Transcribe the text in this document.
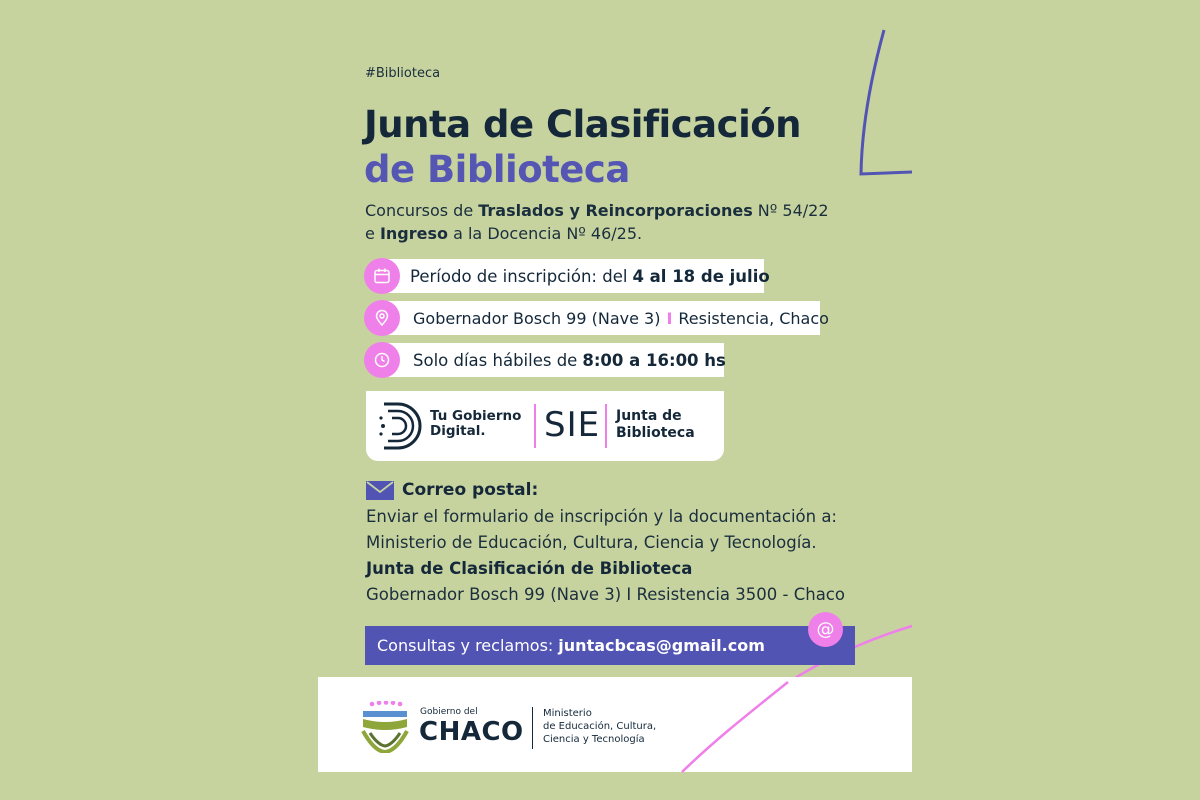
#Biblioteca
Junta de Clasificación
de Biblioteca
Concursos de Traslados y Reincorporaciones Nº 54/22
e Ingreso a la Docencia Nº 46/25.
Período de inscripción: del 4 al 18 de julio
Gobernador Bosch 99 (Nave 3) I Resistencia, Chaco
Solo días hábiles de 8:00 a 16:00 hs
Tu Gobierno
Digital.	SIE Junta de
Biblioteca
Correo postal:
Enviar el formulario de inscripción y la documentación a:
Ministerio de Educación, Cultura, Ciencia y Tecnología.
Junta de Clasificación de Biblioteca
Gobernador Bosch 99 (Nave 3) I Resistencia 3500 - Chaco
Consultas y reclamos: juntacbcas@gmail.com
@
Gobierno del
CHACO
Ministerio
de Educación, Cultura,
Ciencia y Tecnología
